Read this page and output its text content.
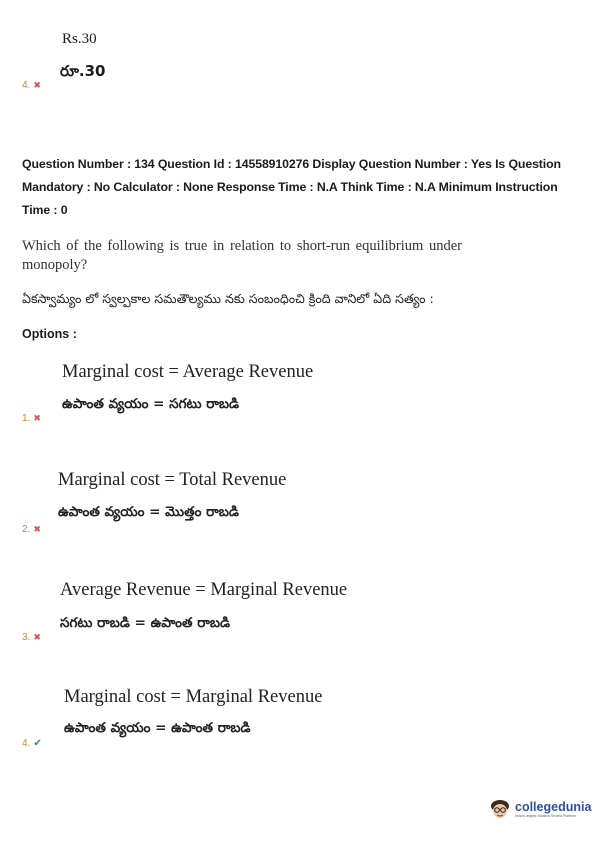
Rs.30
రూ.30
4. ✖
Question Number : 134 Question Id : 14558910276 Display Question Number : Yes Is Question
Mandatory : No Calculator : None Response Time : N.A Think Time : N.A Minimum Instruction
Time : 0
Which of the following is true in relation to short-run equilibrium under
monopoly?
ఏకస్వామ్యం లో స్వల్పకాల సమతౌల్యము నకు సంబంధించి క్రింది వానిలో ఏది సత్యం :
Options :
Marginal cost = Average Revenue
ఉపాంత వ్యయం = సగటు రాబడి
1. ✖
Marginal cost = Total Revenue
ఉపాంత వ్యయం = మొత్తం రాబడి
2. ✖
Average Revenue = Marginal Revenue
సగటు రాబడి = ఉపాంత రాబడి
3. ✖
Marginal cost = Marginal Revenue
ఉపాంత వ్యయం = ఉపాంత రాబడి
4. ✔
collegedunia
India's largest Student Review Platform
